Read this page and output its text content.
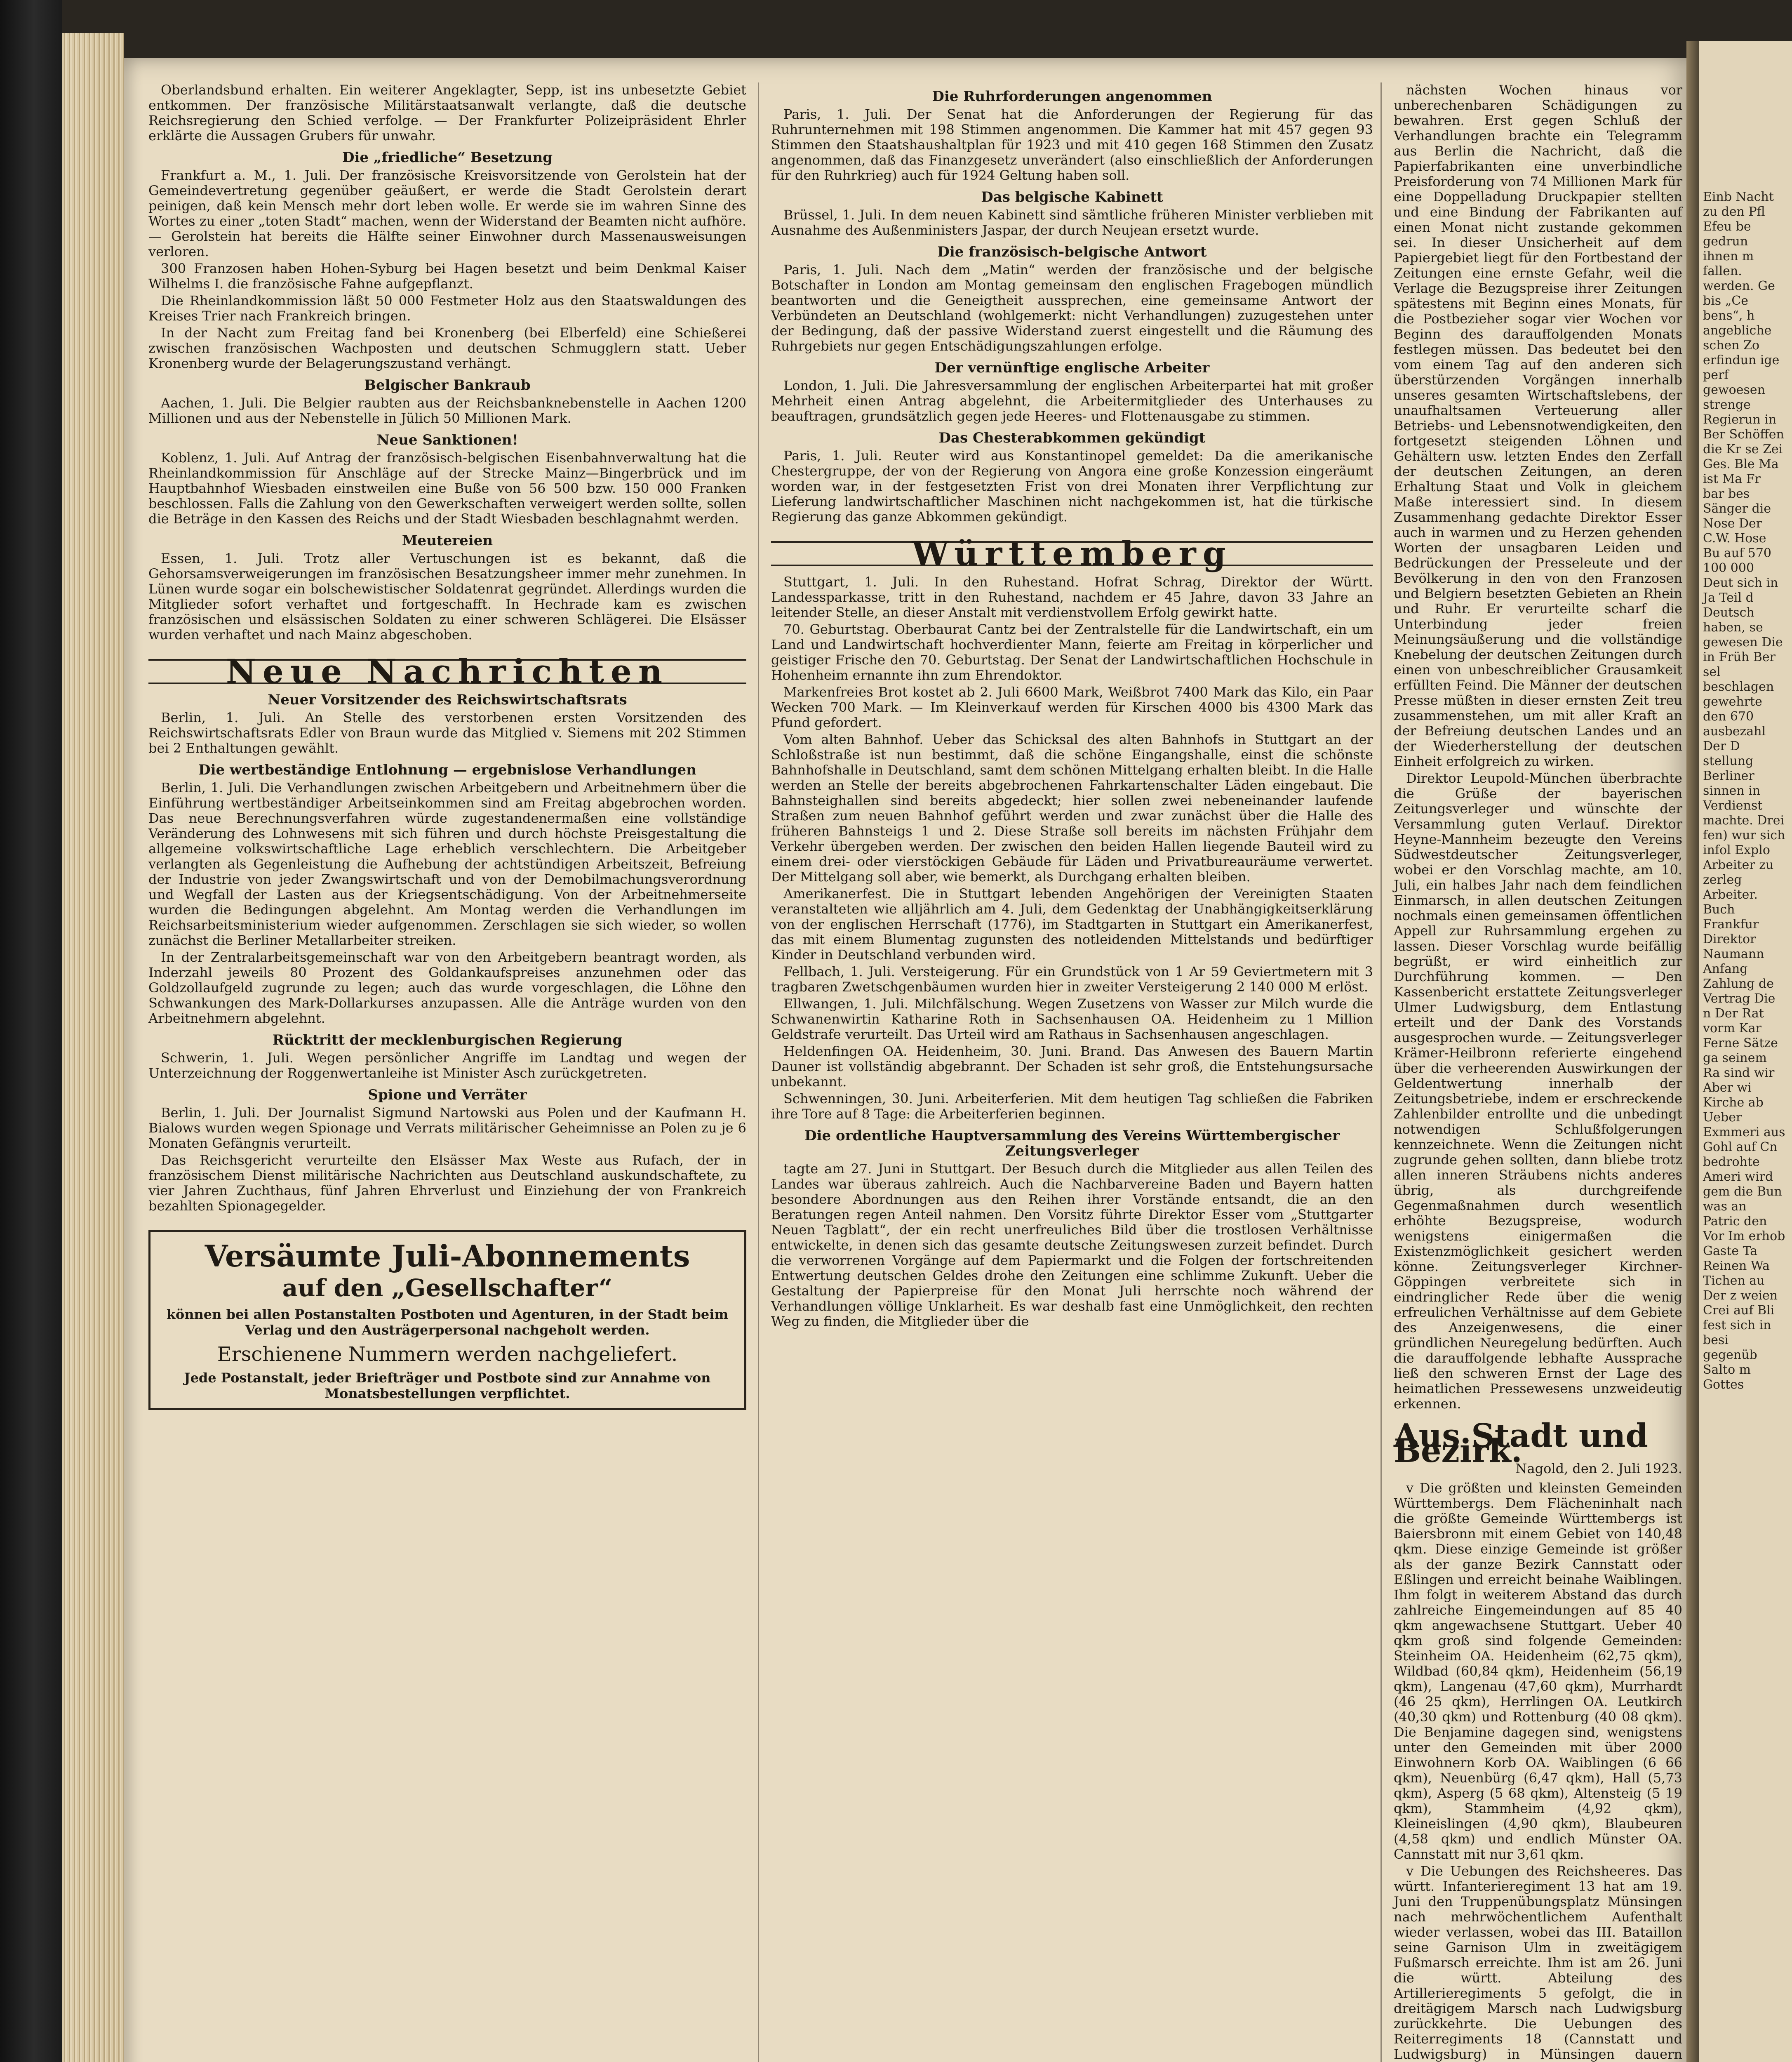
Einb Nacht zu den Pfl Efeu be gedrun ihnen m fallen. werden. Ge bis „Ce bens“, h angebliche schen Zo erfindun ige perf gewoesen strenge Regierun in Ber Schöffen die Kr se Zei Ges. Ble Ma ist Ma Fr bar bes Sänger die Nose Der C.W. Hose Bu auf 570 100 000 Deut sich in Ja Teil d Deutsch haben, se gewesen Die in Früh Ber sel beschlagen gewehrte den 670 ausbezahl Der D stellung Berliner sinnen in Verdienst machte. Drei fen) wur sich infol Explo Arbeiter zu zerleg Arbeiter. Buch Frankfur Direktor Naumann Anfang Zahlung de Vertrag Die n Der Rat vorm Kar Ferne Sätze ga seinem Ra sind wir Aber wi Kirche ab Ueber Exmmeri aus Gohl auf Cn bedrohte Ameri wird gem die Bun was an Patric den Vor Im erhob Gaste Ta Reinen Wa Tichen au Der z weien Crei auf Bli fest sich in besi gegenüb Salto m Gottes

Oberlandsbund erhalten. Ein weiterer Angeklagter, Sepp, ist ins unbesetzte Gebiet entkommen. Der französische Militärstaatsanwalt verlangte, daß die deutsche Reichsregierung den Schied verfolge. — Der Frankfurter Polizeipräsident Ehrler erklärte die Aussagen Grubers für unwahr.

Die „friedliche“ Besetzung

Frankfurt a. M., 1. Juli. Der französische Kreisvorsitzende von Gerolstein hat der Gemeindevertretung gegenüber geäußert, er werde die Stadt Gerolstein derart peinigen, daß kein Mensch mehr dort leben wolle. Er werde sie im wahren Sinne des Wortes zu einer „toten Stadt“ machen, wenn der Widerstand der Beamten nicht aufhöre. — Gerolstein hat bereits die Hälfte seiner Einwohner durch Massenausweisungen verloren.

300 Franzosen haben Hohen-Syburg bei Hagen besetzt und beim Denkmal Kaiser Wilhelms I. die französische Fahne aufgepflanzt.

Die Rheinlandkommission läßt 50 000 Festmeter Holz aus den Staatswaldungen des Kreises Trier nach Frankreich bringen.

In der Nacht zum Freitag fand bei Kronenberg (bei Elberfeld) eine Schießerei zwischen französischen Wachposten und deutschen Schmugglern statt. Ueber Kronenberg wurde der Belagerungszustand verhängt.

Belgischer Bankraub

Aachen, 1. Juli. Die Belgier raubten aus der Reichsbanknebenstelle in Aachen 1200 Millionen und aus der Nebenstelle in Jülich 50 Millionen Mark.

Neue Sanktionen!

Koblenz, 1. Juli. Auf Antrag der französisch-belgischen Eisenbahnverwaltung hat die Rheinlandkommission für Anschläge auf der Strecke Mainz—Bingerbrück und im Hauptbahnhof Wiesbaden einstweilen eine Buße von 56 500 bzw. 150 000 Franken beschlossen. Falls die Zahlung von den Gewerkschaften verweigert werden sollte, sollen die Beträge in den Kassen des Reichs und der Stadt Wiesbaden beschlagnahmt werden.

Meutereien

Essen, 1. Juli. Trotz aller Vertuschungen ist es bekannt, daß die Gehorsamsverweigerungen im französischen Besatzungsheer immer mehr zunehmen. In Lünen wurde sogar ein bolschewistischer Soldatenrat gegründet. Allerdings wurden die Mitglieder sofort verhaftet und fortgeschafft. In Hechrade kam es zwischen französischen und elsässischen Soldaten zu einer schweren Schlägerei. Die Elsässer wurden verhaftet und nach Mainz abgeschoben.

Neue Nachrichten
Neuer Vorsitzender des Reichswirtschaftsrats

Berlin, 1. Juli. An Stelle des verstorbenen ersten Vorsitzenden des Reichswirtschaftsrats Edler von Braun wurde das Mitglied v. Siemens mit 202 Stimmen bei 2 Enthaltungen gewählt.

Die wertbeständige Entlohnung — ergebnislose Verhandlungen

Berlin, 1. Juli. Die Verhandlungen zwischen Arbeitgebern und Arbeitnehmern über die Einführung wertbeständiger Arbeitseinkommen sind am Freitag abgebrochen worden. Das neue Berechnungsverfahren würde zugestandenermaßen eine vollständige Veränderung des Lohnwesens mit sich führen und durch höchste Preisgestaltung die allgemeine volkswirtschaftliche Lage erheblich verschlechtern. Die Arbeitgeber verlangten als Gegenleistung die Aufhebung der achtstündigen Arbeitszeit, Befreiung der Industrie von jeder Zwangswirtschaft und von der Demobilmachungsverordnung und Wegfall der Lasten aus der Kriegsentschädigung. Von der Arbeitnehmerseite wurden die Bedingungen abgelehnt. Am Montag werden die Verhandlungen im Reichsarbeitsministerium wieder aufgenommen. Zerschlagen sie sich wieder, so wollen zunächst die Berliner Metallarbeiter streiken.

In der Zentralarbeitsgemeinschaft war von den Arbeitgebern beantragt worden, als Inderzahl jeweils 80 Prozent des Goldankaufspreises anzunehmen oder das Goldzollaufgeld zugrunde zu legen; auch das wurde vorgeschlagen, die Löhne den Schwankungen des Mark-Dollarkurses anzupassen. Alle die Anträge wurden von den Arbeitnehmern abgelehnt.

Rücktritt der mecklenburgischen Regierung

Schwerin, 1. Juli. Wegen persönlicher Angriffe im Landtag und wegen der Unterzeichnung der Roggenwertanleihe ist Minister Asch zurückgetreten.

Spione und Verräter

Berlin, 1. Juli. Der Journalist Sigmund Nartowski aus Polen und der Kaufmann H. Bialows wurden wegen Spionage und Verrats militärischer Geheimnisse an Polen zu je 6 Monaten Gefängnis verurteilt.

Das Reichsgericht verurteilte den Elsässer Max Weste aus Rufach, der in französischem Dienst militärische Nachrichten aus Deutschland auskundschaftete, zu vier Jahren Zuchthaus, fünf Jahren Ehrverlust und Einziehung der von Frankreich bezahlten Spionagegelder.

Versäumte Juli-Abonnements
auf den „Gesellschafter“
können bei allen Postanstalten Postboten und Agenturen, in der Stadt beim Verlag und den Austrägerpersonal nachgeholt werden.
Erschienene Nummern werden nachgeliefert.
Jede Postanstalt, jeder Briefträger und Postbote sind zur Annahme von Monatsbestellungen verpflichtet.
Die Ruhrforderungen angenommen

Paris, 1. Juli. Der Senat hat die Anforderungen der Regierung für das Ruhrunternehmen mit 198 Stimmen angenommen. Die Kammer hat mit 457 gegen 93 Stimmen den Staatshaushaltplan für 1923 und mit 410 gegen 168 Stimmen den Zusatz angenommen, daß das Finanzgesetz unverändert (also einschließlich der Anforderungen für den Ruhrkrieg) auch für 1924 Geltung haben soll.

Das belgische Kabinett

Brüssel, 1. Juli. In dem neuen Kabinett sind sämtliche früheren Minister verblieben mit Ausnahme des Außenministers Jaspar, der durch Neujean ersetzt wurde.

Die französisch-belgische Antwort

Paris, 1. Juli. Nach dem „Matin“ werden der französische und der belgische Botschafter in London am Montag gemeinsam den englischen Fragebogen mündlich beantworten und die Geneigtheit aussprechen, eine gemeinsame Antwort der Verbündeten an Deutschland (wohlgemerkt: nicht Verhandlungen) zuzugestehen unter der Bedingung, daß der passive Widerstand zuerst eingestellt und die Räumung des Ruhrgebiets nur gegen Entschädigungszahlungen erfolge.

Der vernünftige englische Arbeiter

London, 1. Juli. Die Jahresversammlung der englischen Arbeiterpartei hat mit großer Mehrheit einen Antrag abgelehnt, die Arbeitermitglieder des Unterhauses zu beauftragen, grundsätzlich gegen jede Heeres- und Flottenausgabe zu stimmen.

Das Chesterabkommen gekündigt

Paris, 1. Juli. Reuter wird aus Konstantinopel gemeldet: Da die amerikanische Chestergruppe, der von der Regierung von Angora eine große Konzession eingeräumt worden war, in der festgesetzten Frist von drei Monaten ihrer Verpflichtung zur Lieferung landwirtschaftlicher Maschinen nicht nachgekommen ist, hat die türkische Regierung das ganze Abkommen gekündigt.

Württemberg

Stuttgart, 1. Juli. In den Ruhestand. Hofrat Schrag, Direktor der Württ. Landessparkasse, tritt in den Ruhestand, nachdem er 45 Jahre, davon 33 Jahre an leitender Stelle, an dieser Anstalt mit verdienstvollem Erfolg gewirkt hatte.

70. Geburtstag. Oberbaurat Cantz bei der Zentralstelle für die Landwirtschaft, ein um Land und Landwirtschaft hochverdienter Mann, feierte am Freitag in körperlicher und geistiger Frische den 70. Geburtstag. Der Senat der Landwirtschaftlichen Hochschule in Hohenheim ernannte ihn zum Ehrendoktor.

Markenfreies Brot kostet ab 2. Juli 6600 Mark, Weißbrot 7400 Mark das Kilo, ein Paar Wecken 700 Mark. — Im Kleinverkauf werden für Kirschen 4000 bis 4300 Mark das Pfund gefordert.

Vom alten Bahnhof. Ueber das Schicksal des alten Bahnhofs in Stuttgart an der Schloßstraße ist nun bestimmt, daß die schöne Eingangshalle, einst die schönste Bahnhofshalle in Deutschland, samt dem schönen Mittelgang erhalten bleibt. In die Halle werden an Stelle der bereits abgebrochenen Fahrkartenschalter Läden eingebaut. Die Bahnsteighallen sind bereits abgedeckt; hier sollen zwei nebeneinander laufende Straßen zum neuen Bahnhof geführt werden und zwar zunächst über die Halle des früheren Bahnsteigs 1 und 2. Diese Straße soll bereits im nächsten Frühjahr dem Verkehr übergeben werden. Der zwischen den beiden Hallen liegende Bauteil wird zu einem drei- oder vierstöckigen Gebäude für Läden und Privatbureauräume verwertet. Der Mittelgang soll aber, wie bemerkt, als Durchgang erhalten bleiben.

Amerikanerfest. Die in Stuttgart lebenden Angehörigen der Vereinigten Staaten veranstalteten wie alljährlich am 4. Juli, dem Gedenktag der Unabhängigkeitserklärung von der englischen Herrschaft (1776), im Stadtgarten in Stuttgart ein Amerikanerfest, das mit einem Blumentag zugunsten des notleidenden Mittelstands und bedürftiger Kinder in Deutschland verbunden wird.

Fellbach, 1. Juli. Versteigerung. Für ein Grundstück von 1 Ar 59 Geviertmetern mit 3 tragbaren Zwetschgenbäumen wurden hier in zweiter Versteigerung 2 140 000 M erlöst.

Ellwangen, 1. Juli. Milchfälschung. Wegen Zusetzens von Wasser zur Milch wurde die Schwanenwirtin Katharine Roth in Sachsenhausen OA. Heidenheim zu 1 Million Geldstrafe verurteilt. Das Urteil wird am Rathaus in Sachsenhausen angeschlagen.

Heldenfingen OA. Heidenheim, 30. Juni. Brand. Das Anwesen des Bauern Martin Dauner ist vollständig abgebrannt. Der Schaden ist sehr groß, die Entstehungsursache unbekannt.

Schwenningen, 30. Juni. Arbeiterferien. Mit dem heutigen Tag schließen die Fabriken ihre Tore auf 8 Tage: die Arbeiterferien beginnen.

Die ordentliche Hauptversammlung des Vereins Württembergischer Zeitungsverleger

tagte am 27. Juni in Stuttgart. Der Besuch durch die Mitglieder aus allen Teilen des Landes war überaus zahlreich. Auch die Nachbarvereine Baden und Bayern hatten besondere Abordnungen aus den Reihen ihrer Vorstände entsandt, die an den Beratungen regen Anteil nahmen. Den Vorsitz führte Direktor Esser vom „Stuttgarter Neuen Tagblatt“, der ein recht unerfreuliches Bild über die trostlosen Verhältnisse entwickelte, in denen sich das gesamte deutsche Zeitungswesen zurzeit befindet. Durch die verworrenen Vorgänge auf dem Papiermarkt und die Folgen der fortschreitenden Entwertung deutschen Geldes drohe den Zeitungen eine schlimme Zukunft. Ueber die Gestaltung der Papierpreise für den Monat Juli herrschte noch während der Verhandlungen völlige Unklarheit. Es war deshalb fast eine Unmöglichkeit, den rechten Weg zu finden, die Mitglieder über die

nächsten Wochen hinaus vor unberechenbaren Schädigungen zu bewahren. Erst gegen Schluß der Verhandlungen brachte ein Telegramm aus Berlin die Nachricht, daß die Papierfabrikanten eine unverbindliche Preisforderung von 74 Millionen Mark für eine Doppelladung Druckpapier stellten und eine Bindung der Fabrikanten auf einen Monat nicht zustande gekommen sei. In dieser Unsicherheit auf dem Papiergebiet liegt für den Fortbestand der Zeitungen eine ernste Gefahr, weil die Verlage die Bezugspreise ihrer Zeitungen spätestens mit Beginn eines Monats, für die Postbezieher sogar vier Wochen vor Beginn des darauffolgenden Monats festlegen müssen. Das bedeutet bei den vom einem Tag auf den anderen sich überstürzenden Vorgängen innerhalb unseres gesamten Wirtschaftslebens, der unaufhaltsamen Verteuerung aller Betriebs- und Lebensnotwendigkeiten, den fortgesetzt steigenden Löhnen und Gehältern usw. letzten Endes den Zerfall der deutschen Zeitungen, an deren Erhaltung Staat und Volk in gleichem Maße interessiert sind. In diesem Zusammenhang gedachte Direktor Esser auch in warmen und zu Herzen gehenden Worten der unsagbaren Leiden und Bedrückungen der Presseleute und der Bevölkerung in den von den Franzosen und Belgiern besetzten Gebieten an Rhein und Ruhr. Er verurteilte scharf die Unterbindung jeder freien Meinungsäußerung und die vollständige Knebelung der deutschen Zeitungen durch einen von unbeschreiblicher Grausamkeit erfüllten Feind. Die Männer der deutschen Presse müßten in dieser ernsten Zeit treu zusammenstehen, um mit aller Kraft an der Befreiung deutschen Landes und an der Wiederherstellung der deutschen Einheit erfolgreich zu wirken.

Direktor Leupold-München überbrachte die Grüße der bayerischen Zeitungsverleger und wünschte der Versammlung guten Verlauf. Direktor Heyne-Mannheim bezeugte den Vereins Südwestdeutscher Zeitungsverleger, wobei er den Vorschlag machte, am 10. Juli, ein halbes Jahr nach dem feindlichen Einmarsch, in allen deutschen Zeitungen nochmals einen gemeinsamen öffentlichen Appell zur Ruhrsammlung ergehen zu lassen. Dieser Vorschlag wurde beifällig begrüßt, er wird einheitlich zur Durchführung kommen. — Den Kassenbericht erstattete Zeitungsverleger Ulmer Ludwigsburg, dem Entlastung erteilt und der Dank des Vorstands ausgesprochen wurde. — Zeitungsverleger Krämer-Heilbronn referierte eingehend über die verheerenden Auswirkungen der Geldentwertung innerhalb der Zeitungsbetriebe, indem er erschreckende Zahlenbilder entrollte und die unbedingt notwendigen Schlußfolgerungen kennzeichnete. Wenn die Zeitungen nicht zugrunde gehen sollten, dann bliebe trotz allen inneren Sträubens nichts anderes übrig, als durchgreifende Gegenmaßnahmen durch wesentlich erhöhte Bezugspreise, wodurch wenigstens einigermaßen die Existenzmöglichkeit gesichert werden könne. Zeitungsverleger Kirchner-Göppingen verbreitete sich in eindringlicher Rede über die wenig erfreulichen Verhältnisse auf dem Gebiete des Anzeigenwesens, die einer gründlichen Neuregelung bedürften. Auch die darauffolgende lebhafte Aussprache ließ den schweren Ernst der Lage des heimatlichen Pressewesens unzweideutig erkennen.

Aus Stadt und Bezirk.
Nagold, den 2. Juli 1923.

v Die größten und kleinsten Gemeinden Württembergs. Dem Flächeninhalt nach die größte Gemeinde Württembergs ist Baiersbronn mit einem Gebiet von 140,48 qkm. Diese einzige Gemeinde ist größer als der ganze Bezirk Cannstatt oder Eßlingen und erreicht beinahe Waiblingen. Ihm folgt in weiterem Abstand das durch zahlreiche Eingemeindungen auf 85 40 qkm angewachsene Stuttgart. Ueber 40 qkm groß sind folgende Gemeinden: Steinheim OA. Heidenheim (62,75 qkm), Wildbad (60,84 qkm), Heidenheim (56,19 qkm), Langenau (47,60 qkm), Murrhardt (46 25 qkm), Herrlingen OA. Leutkirch (40,30 qkm) und Rottenburg (40 08 qkm). Die Benjamine dagegen sind, wenigstens unter den Gemeinden mit über 2000 Einwohnern Korb OA. Waiblingen (6 66 qkm), Neuenbürg (6,47 qkm), Hall (5,73 qkm), Asperg (5 68 qkm), Altensteig (5 19 qkm), Stammheim (4,92 qkm), Kleineislingen (4,90 qkm), Blaubeuren (4,58 qkm) und endlich Münster OA. Cannstatt mit nur 3,61 qkm.

v Die Uebungen des Reichsheeres. Das württ. Infanterieregiment 13 hat am 19. Juni den Truppenübungsplatz Münsingen nach mehrwöchentlichem Aufenthalt wieder verlassen, wobei das III. Bataillon seine Garnison Ulm in zweitägigem Fußmarsch erreichte. Ihm ist am 26. Juni die württ. Abteilung des Artillerieregiments 5 gefolgt, die in dreitägigem Marsch nach Ludwigsburg zurückkehrte. Die Uebungen des Reiterregiments 18 (Cannstatt und Ludwigsburg) in Münsingen dauern
